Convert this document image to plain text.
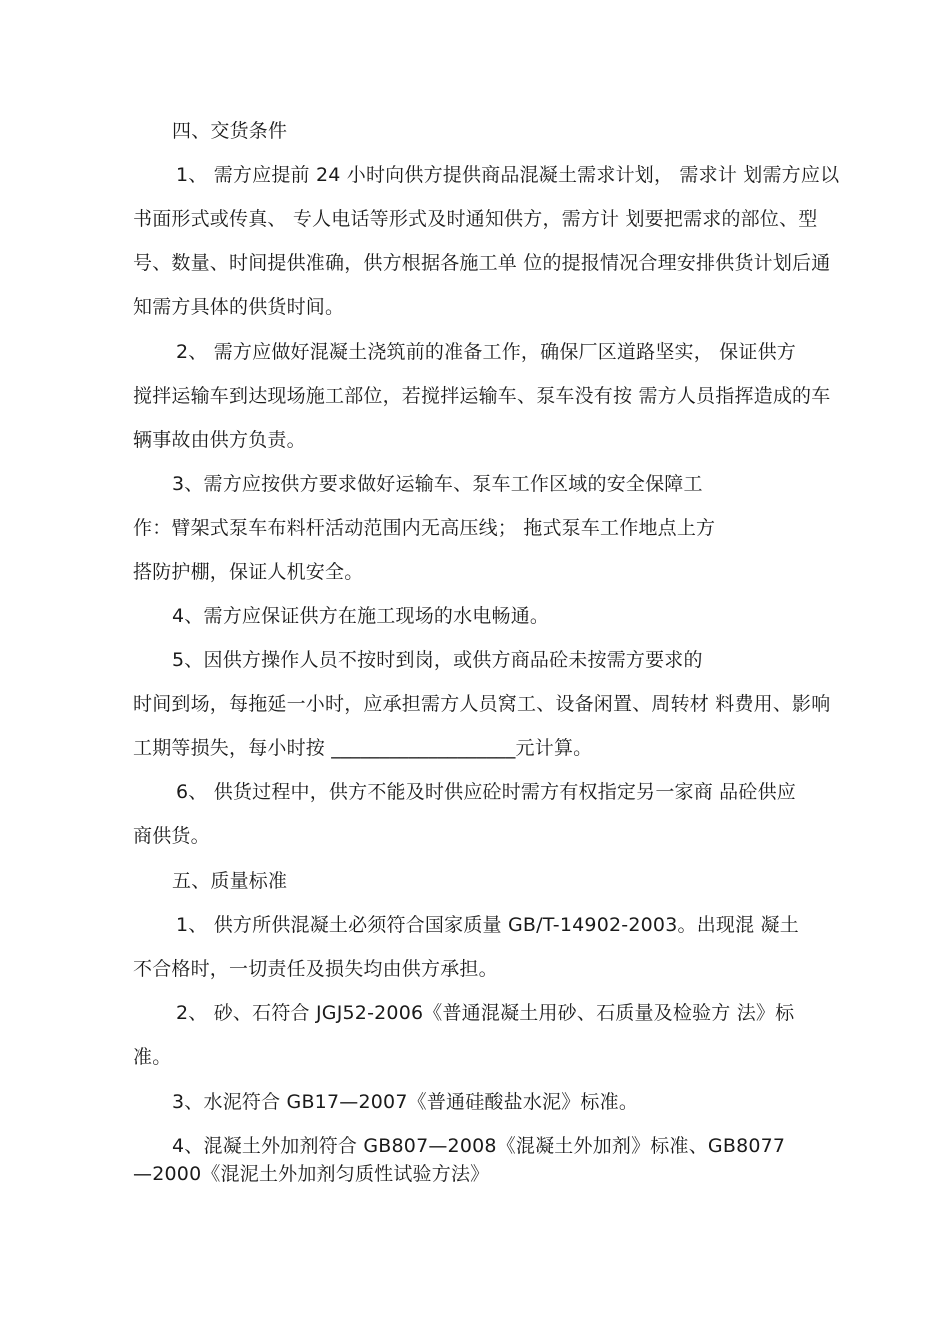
四、交货条件
1、 需方应提前 24 小时向供方提供商品混凝土需求计划， 需求计 划需方应以
书面形式或传真、 专人电话等形式及时通知供方，需方计 划要把需求的部位、型
号、数量、时间提供准确，供方根据各施工单 位的提报情况合理安排供货计划后通
知需方具体的供货时间。
2、 需方应做好混凝土浇筑前的准备工作，确保厂区道路坚实， 保证供方
搅拌运输车到达现场施工部位，若搅拌运输车、泵车没有按 需方人员指挥造成的车
辆事故由供方负责。
3、需方应按供方要求做好运输车、泵车工作区域的安全保障工
作：臂架式泵车布料杆活动范围内无高压线； 拖式泵车工作地点上方
搭防护棚，保证人机安全。
4、需方应保证供方在施工现场的水电畅通。
5、因供方操作人员不按时到岗，或供方商品砼未按需方要求的
时间到场，每拖延一小时，应承担需方人员窝工、设备闲置、周转材 料费用、影响
工期等损失，每小时按 ___________________元计算。
6、 供货过程中，供方不能及时供应砼时需方有权指定另一家商 品砼供应
商供货。
五、质量标准
1、 供方所供混凝土必须符合国家质量 GB/T-14902-2003。出现混 凝土
不合格时，一切责任及损失均由供方承担。
2、 砂、石符合 JGJ52-2006《普通混凝土用砂、石质量及检验方 法》标
准。
3、水泥符合 GB17—2007《普通硅酸盐水泥》标准。
4、混凝土外加剂符合 GB807—2008《混凝土外加剂》标准、GB8077
—2000《混泥土外加剂匀质性试验方法》
